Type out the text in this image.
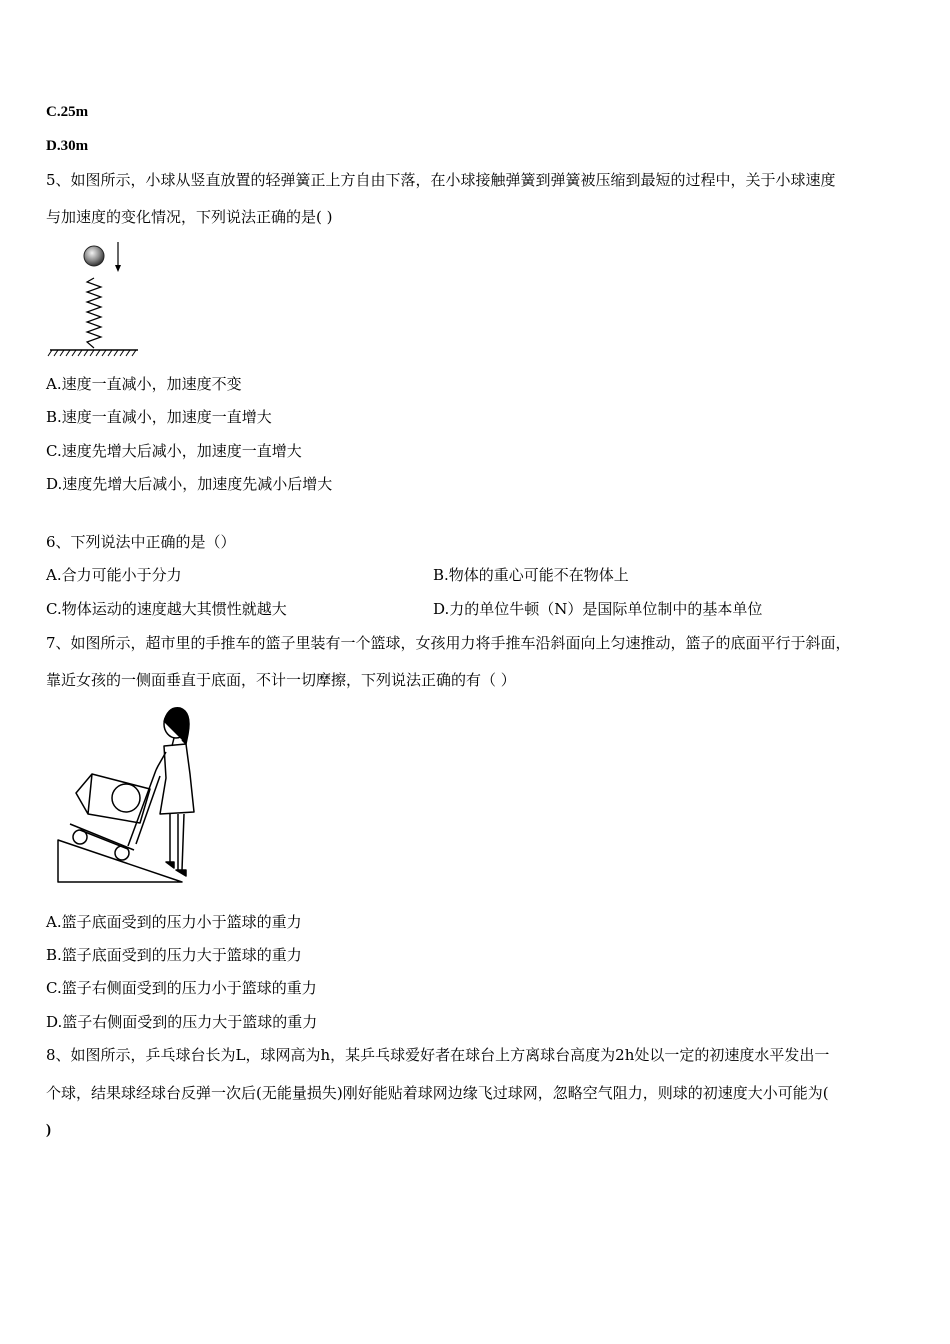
C.25m
D.30m
5、如图所示，小球从竖直放置的轻弹簧正上方自由下落，在小球接触弹簧到弹簧被压缩到最短的过程中，关于小球速度
与加速度的变化情况，下列说法正确的是( )
A.速度一直减小，加速度不变
B.速度一直减小，加速度一直增大
C.速度先增大后减小，加速度一直增大
D.速度先增大后减小，加速度先减小后增大
6、下列说法中正确的是（）
A.合力可能小于分力	B.物体的重心可能不在物体上
C.物体运动的速度越大其惯性就越大	D.力的单位牛顿（N）是国际单位制中的基本单位
7、如图所示，超市里的手推车的篮子里装有一个篮球，女孩用力将手推车沿斜面向上匀速推动，篮子的底面平行于斜面，
靠近女孩的一侧面垂直于底面，不计一切摩擦，下列说法正确的有（ ）
A.篮子底面受到的压力小于篮球的重力
B.篮子底面受到的压力大于篮球的重力
C.篮子右侧面受到的压力小于篮球的重力
D.篮子右侧面受到的压力大于篮球的重力
8、如图所示，乒乓球台长为L，球网高为h，某乒乓球爱好者在球台上方离球台高度为2h处以一定的初速度水平发出一
个球，结果球经球台反弹一次后(无能量损失)刚好能贴着球网边缘飞过球网，忽略空气阻力，则球的初速度大小可能为(
)
